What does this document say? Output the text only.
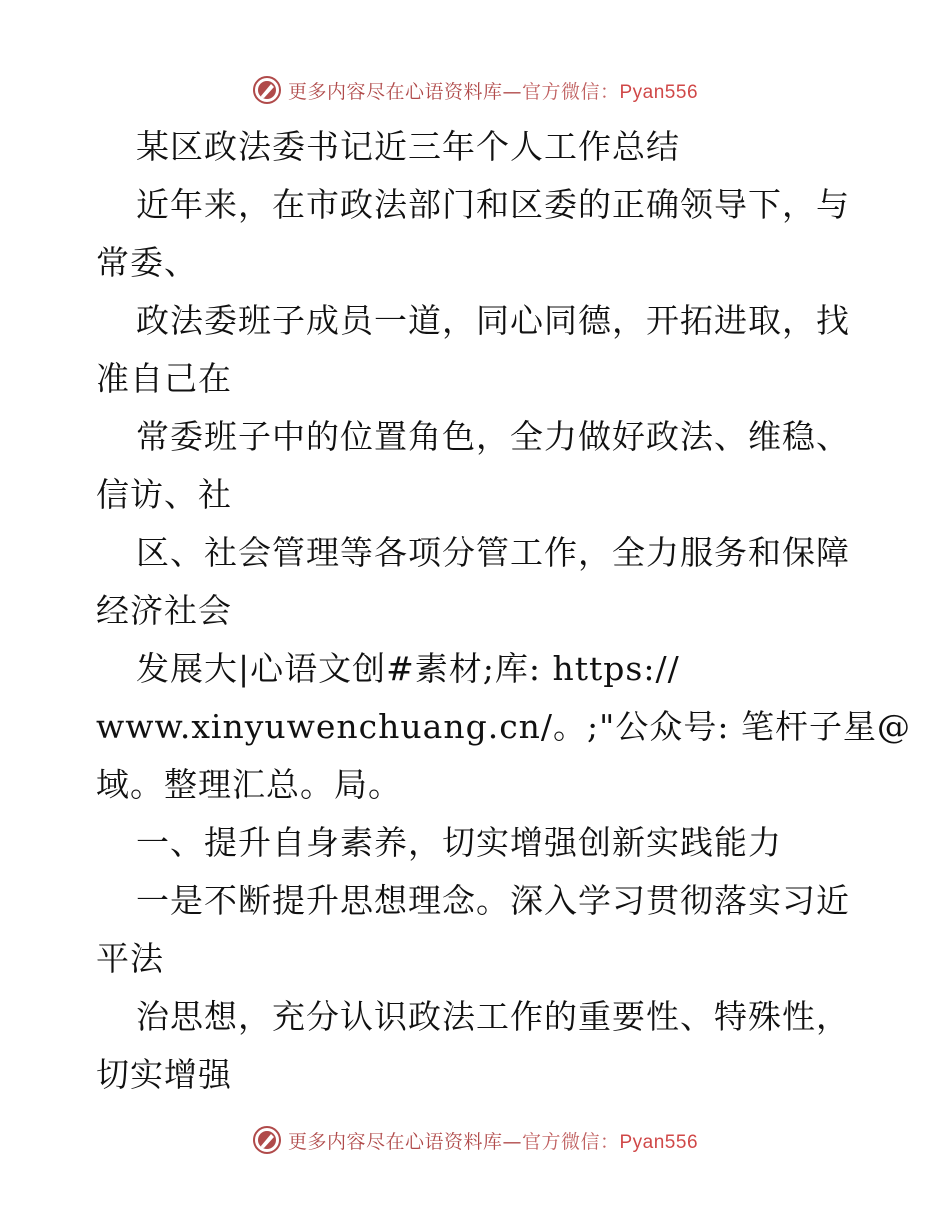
更多内容尽在心语资料库—官方微信：Pyan556
某区政法委书记近三年个人工作总结
近年来，在市政法部门和区委的正确领导下，与
常委、
政法委班子成员一道，同心同德，开拓进取，找
准自己在
常委班子中的位置角色，全力做好政法、维稳、
信访、社
区、社会管理等各项分管工作，全力服务和保障
经济社会
发展大|心语文创#素材;库: https://
www.xinyuwenchuang.cn/。;"公众号: 笔杆子星@
域。整理汇总。局。
一、提升自身素养，切实增强创新实践能力
一是不断提升思想理念。深入学习贯彻落实习近
平法
治思想，充分认识政法工作的重要性、特殊性，
切实增强
更多内容尽在心语资料库—官方微信：Pyan556
